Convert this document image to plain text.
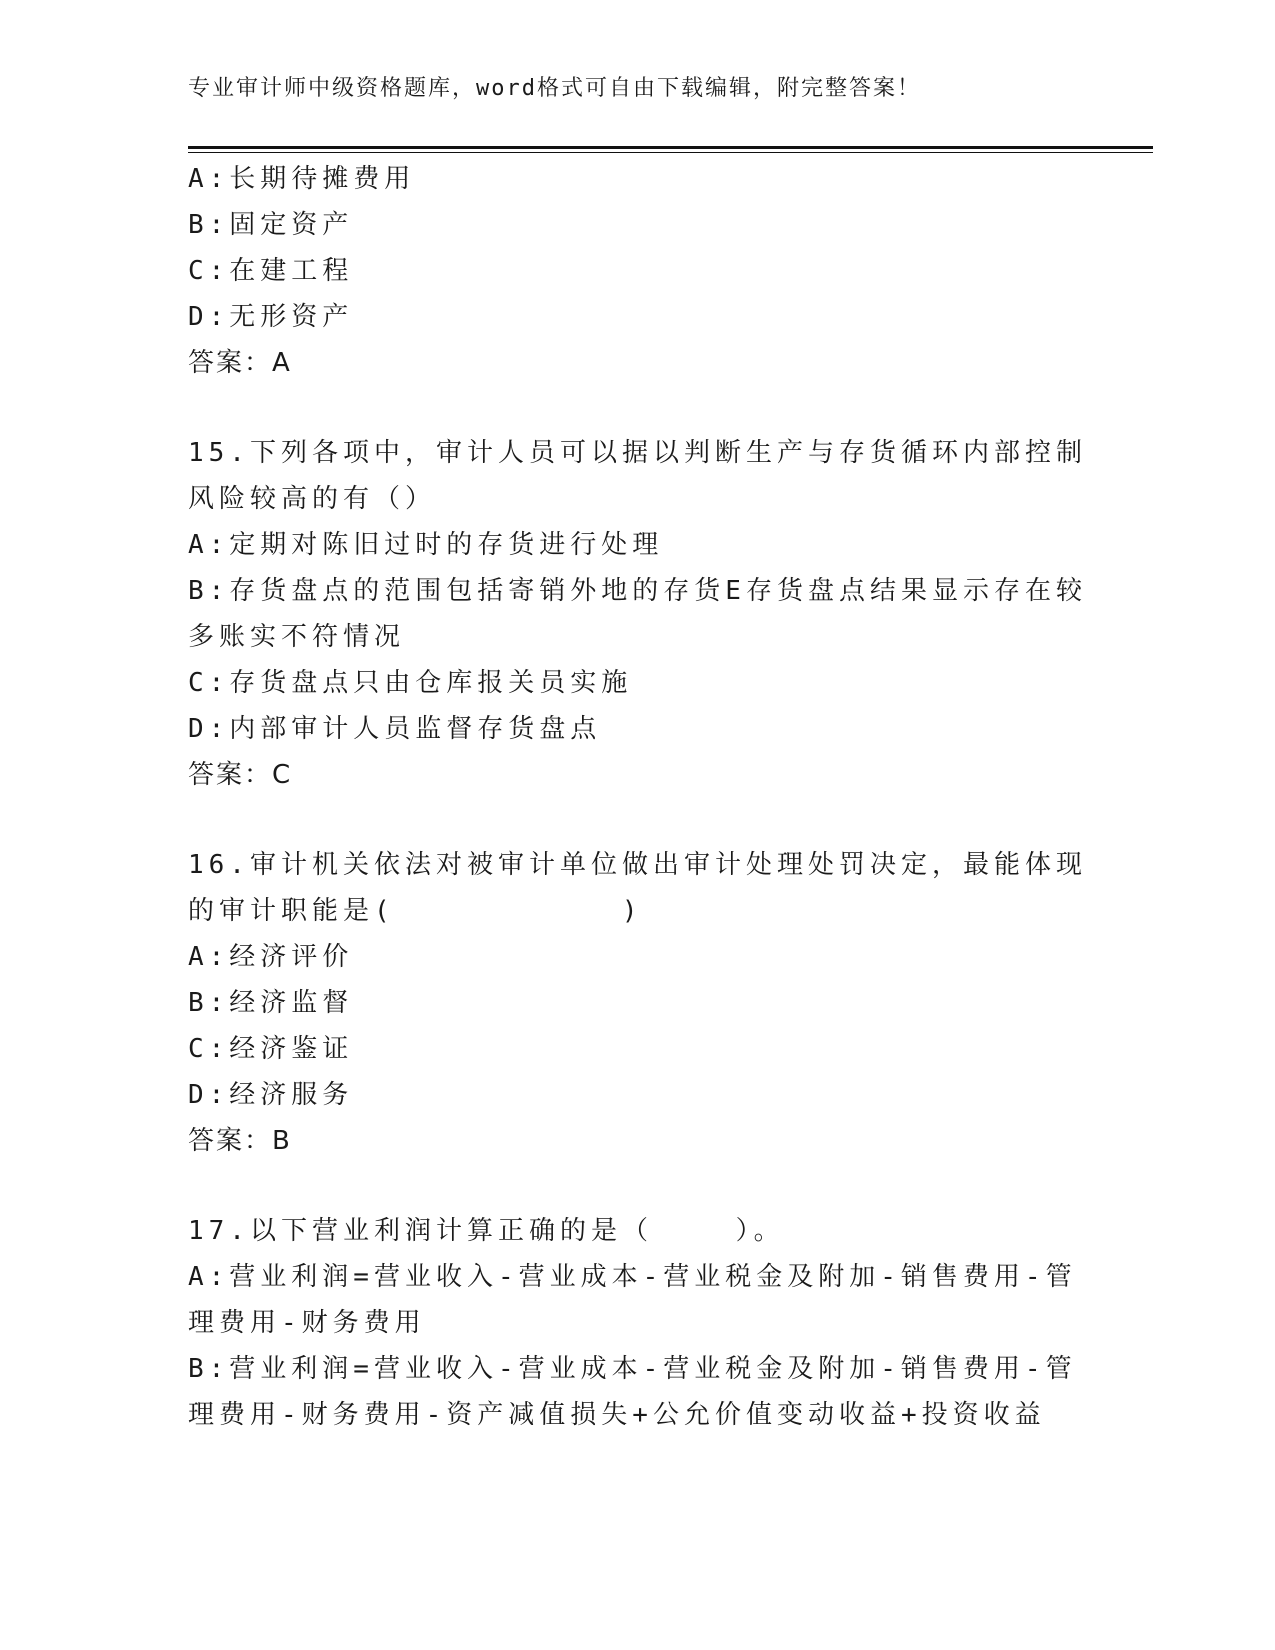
专业审计师中级资格题库，word格式可自由下载编辑，附完整答案！
A:长期待摊费用
B:固定资产
C:在建工程
D:无形资产
答案：A
15.下列各项中，审计人员可以据以判断生产与存货循环内部控制风险较高的有（）
A:定期对陈旧过时的存货进行处理
B:存货盘点的范围包括寄销外地的存货E存货盘点结果显示存在较多账实不符情况
C:存货盘点只由仓库报关员实施
D:内部审计人员监督存货盘点
答案：C
16.审计机关依法对被审计单位做出审计处理处罚决定，最能体现的审计职能是(           )
A:经济评价
B:经济监督
C:经济鉴证
D:经济服务
答案：B
17.以下营业利润计算正确的是（    ）。
A:营业利润=营业收入-营业成本-营业税金及附加-销售费用-管理费用-财务费用
B:营业利润=营业收入-营业成本-营业税金及附加-销售费用-管理费用-财务费用-资产减值损失+公允价值变动收益+投资收益
